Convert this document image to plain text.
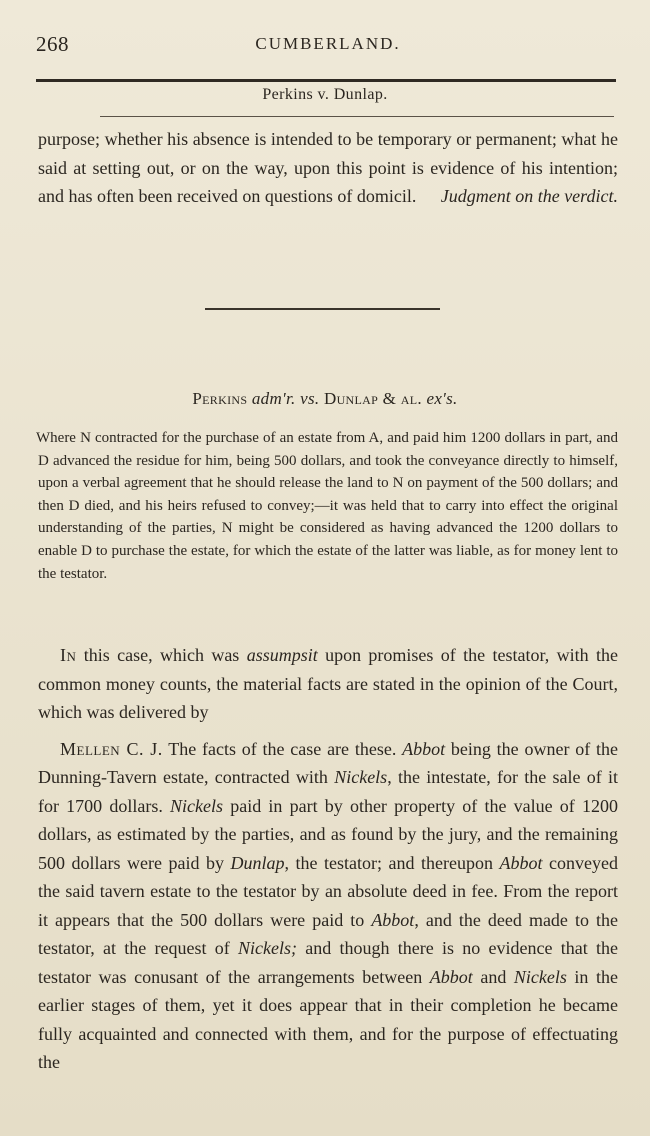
268	CUMBERLAND.
Perkins v. Dunlap.
purpose; whether his absence is intended to be temporary or permanent; what he said at setting out, or on the way, upon this point is evidence of his intention; and has often been received on questions of domicil. Judgment on the verdict.
Perkins adm'r. vs. Dunlap & al. ex's.

Where N contracted for the purchase of an estate from A, and paid him 1200 dollars in part, and D advanced the residue for him, being 500 dollars, and took the conveyance directly to himself, upon a verbal agreement that he should release the land to N on payment of the 500 dollars; and then D died, and his heirs refused to convey;—it was held that to carry into effect the original understanding of the parties, N might be considered as having advanced the 1200 dollars to enable D to purchase the estate, for which the estate of the latter was liable, as for money lent to the testator.

In this case, which was assumpsit upon promises of the testator, with the common money counts, the material facts are stated in the opinion of the Court, which was delivered by

Mellen C. J. The facts of the case are these. Abbot being the owner of the Dunning-Tavern estate, contracted with Nickels, the intestate, for the sale of it for 1700 dollars. Nickels paid in part by other property of the value of 1200 dollars, as estimated by the parties, and as found by the jury, and the remaining 500 dollars were paid by Dunlap, the testator; and thereupon Abbot conveyed the said tavern estate to the testator by an absolute deed in fee. From the report it appears that the 500 dollars were paid to Abbot, and the deed made to the testator, at the request of Nickels; and though there is no evidence that the testator was conusant of the arrangements between Abbot and Nickels in the earlier stages of them, yet it does appear that in their completion he became fully acquainted and connected with them, and for the purpose of effectuating the
